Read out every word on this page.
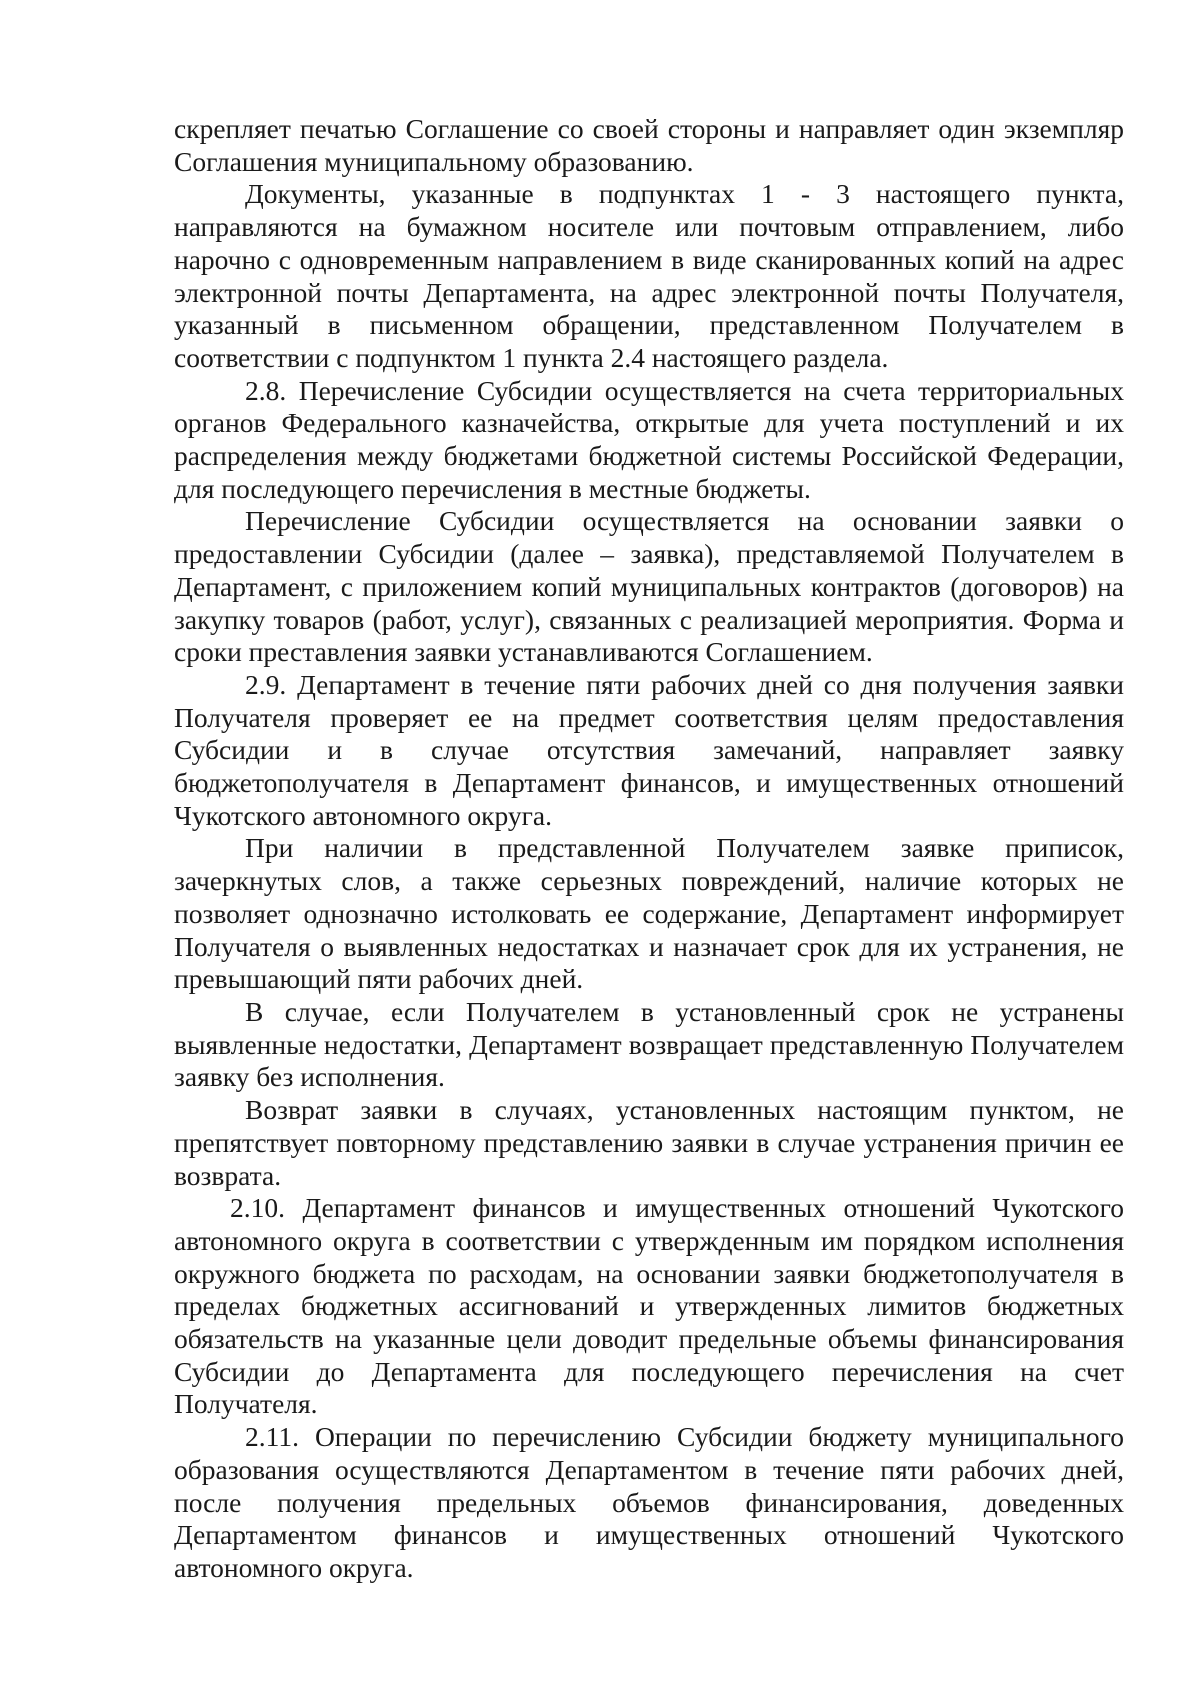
скрепляет печатью Соглашение со своей стороны и направляет один экземпляр Соглашения муниципальному образованию.

Документы, указанные в подпунктах 1 - 3 настоящего пункта, направляются на бумажном носителе или почтовым отправлением, либо нарочно с одновременным направлением в виде сканированных копий на адрес электронной почты Департамента, на адрес электронной почты Получателя, указанный в письменном обращении, представленном Получателем в соответствии с подпунктом 1 пункта 2.4 настоящего раздела.

2.8. Перечисление Субсидии осуществляется на счета территориальных органов Федерального казначейства, открытые для учета поступлений и их распределения между бюджетами бюджетной системы Российской Федерации, для последующего перечисления в местные бюджеты.

Перечисление Субсидии осуществляется на основании заявки о предоставлении Субсидии (далее – заявка), представляемой Получателем в Департамент, с приложением копий муниципальных контрактов (договоров) на закупку товаров (работ, услуг), связанных с реализацией мероприятия. Форма и сроки преставления заявки устанавливаются Соглашением.

2.9. Департамент в течение пяти рабочих дней со дня получения заявки Получателя проверяет ее на предмет соответствия целям предоставления Субсидии и в случае отсутствия замечаний, направляет заявку бюджетополучателя в Департамент финансов, и имущественных отношений Чукотского автономного округа.

При наличии в представленной Получателем заявке приписок, зачеркнутых слов, а также серьезных повреждений, наличие которых не позволяет однозначно истолковать ее содержание, Департамент информирует Получателя о выявленных недостатках и назначает срок для их устранения, не превышающий пяти рабочих дней.

В случае, если Получателем в установленный срок не устранены выявленные недостатки, Департамент возвращает представленную Получателем заявку без исполнения.

Возврат заявки в случаях, установленных настоящим пунктом, не препятствует повторному представлению заявки в случае устранения причин ее возврата.

2.10. Департамент финансов и имущественных отношений Чукотского автономного округа в соответствии с утвержденным им порядком исполнения окружного бюджета по расходам, на основании заявки бюджетополучателя в пределах бюджетных ассигнований и утвержденных лимитов бюджетных обязательств на указанные цели доводит предельные объемы финансирования Субсидии до Департамента для последующего перечисления на счет Получателя.

2.11. Операции по перечислению Субсидии бюджету муниципального образования осуществляются Департаментом в течение пяти рабочих дней, после получения предельных объемов финансирования, доведенных Департаментом финансов и имущественных отношений Чукотского автономного округа.
